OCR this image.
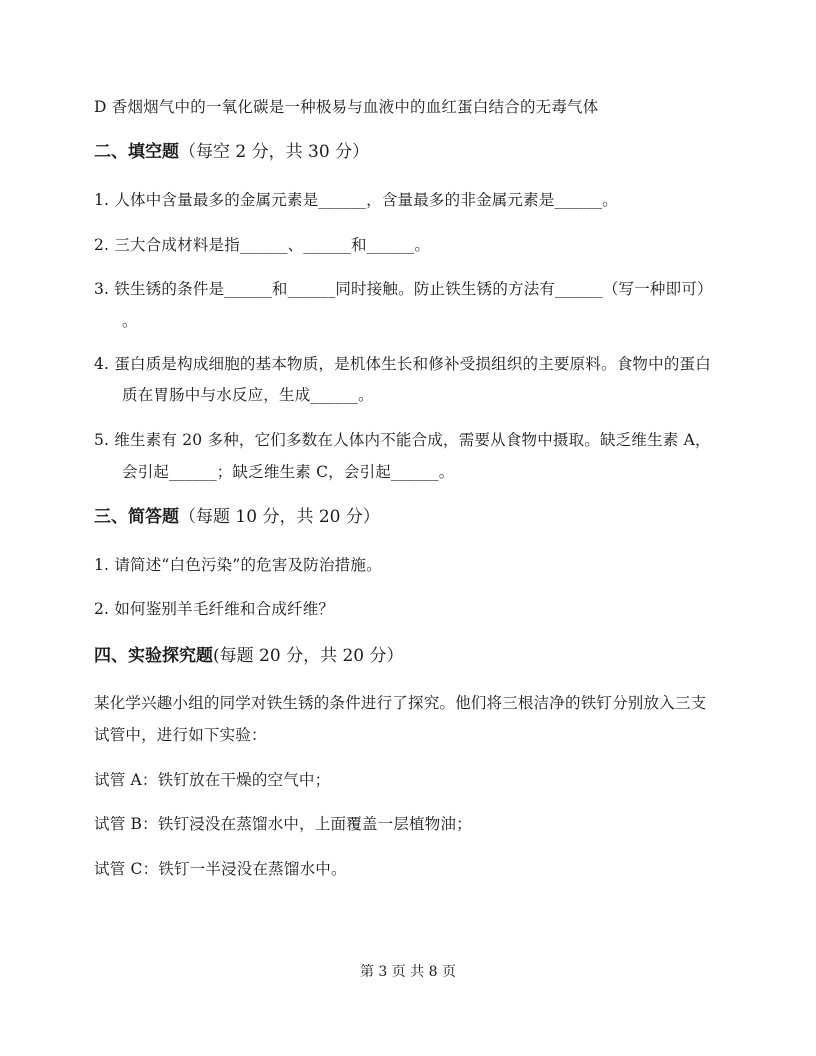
D 香烟烟气中的一氧化碳是一种极易与血液中的血红蛋白结合的无毒气体
二、填空题（每空 2 分，共 30 分）
1. 人体中含量最多的金属元素是______，含量最多的非金属元素是______。
2. 三大合成材料是指______、______和______。
3. 铁生锈的条件是______和______同时接触。防止铁生锈的方法有______（写一种即可）
。
4. 蛋白质是构成细胞的基本物质，是机体生长和修补受损组织的主要原料。食物中的蛋白
质在胃肠中与水反应，生成______。
5. 维生素有 20 多种，它们多数在人体内不能合成，需要从食物中摄取。缺乏维生素 A，
会引起______；缺乏维生素 C，会引起______。
三、简答题（每题 10 分，共 20 分）
1. 请简述“白色污染”的危害及防治措施。
2. 如何鉴别羊毛纤维和合成纤维？
四、实验探究题(每题 20 分，共 20 分）
某化学兴趣小组的同学对铁生锈的条件进行了探究。他们将三根洁净的铁钉分别放入三支
试管中，进行如下实验：
试管 A：铁钉放在干燥的空气中；
试管 B：铁钉浸没在蒸馏水中，上面覆盖一层植物油；
试管 C：铁钉一半浸没在蒸馏水中。
第 3 页 共 8 页
